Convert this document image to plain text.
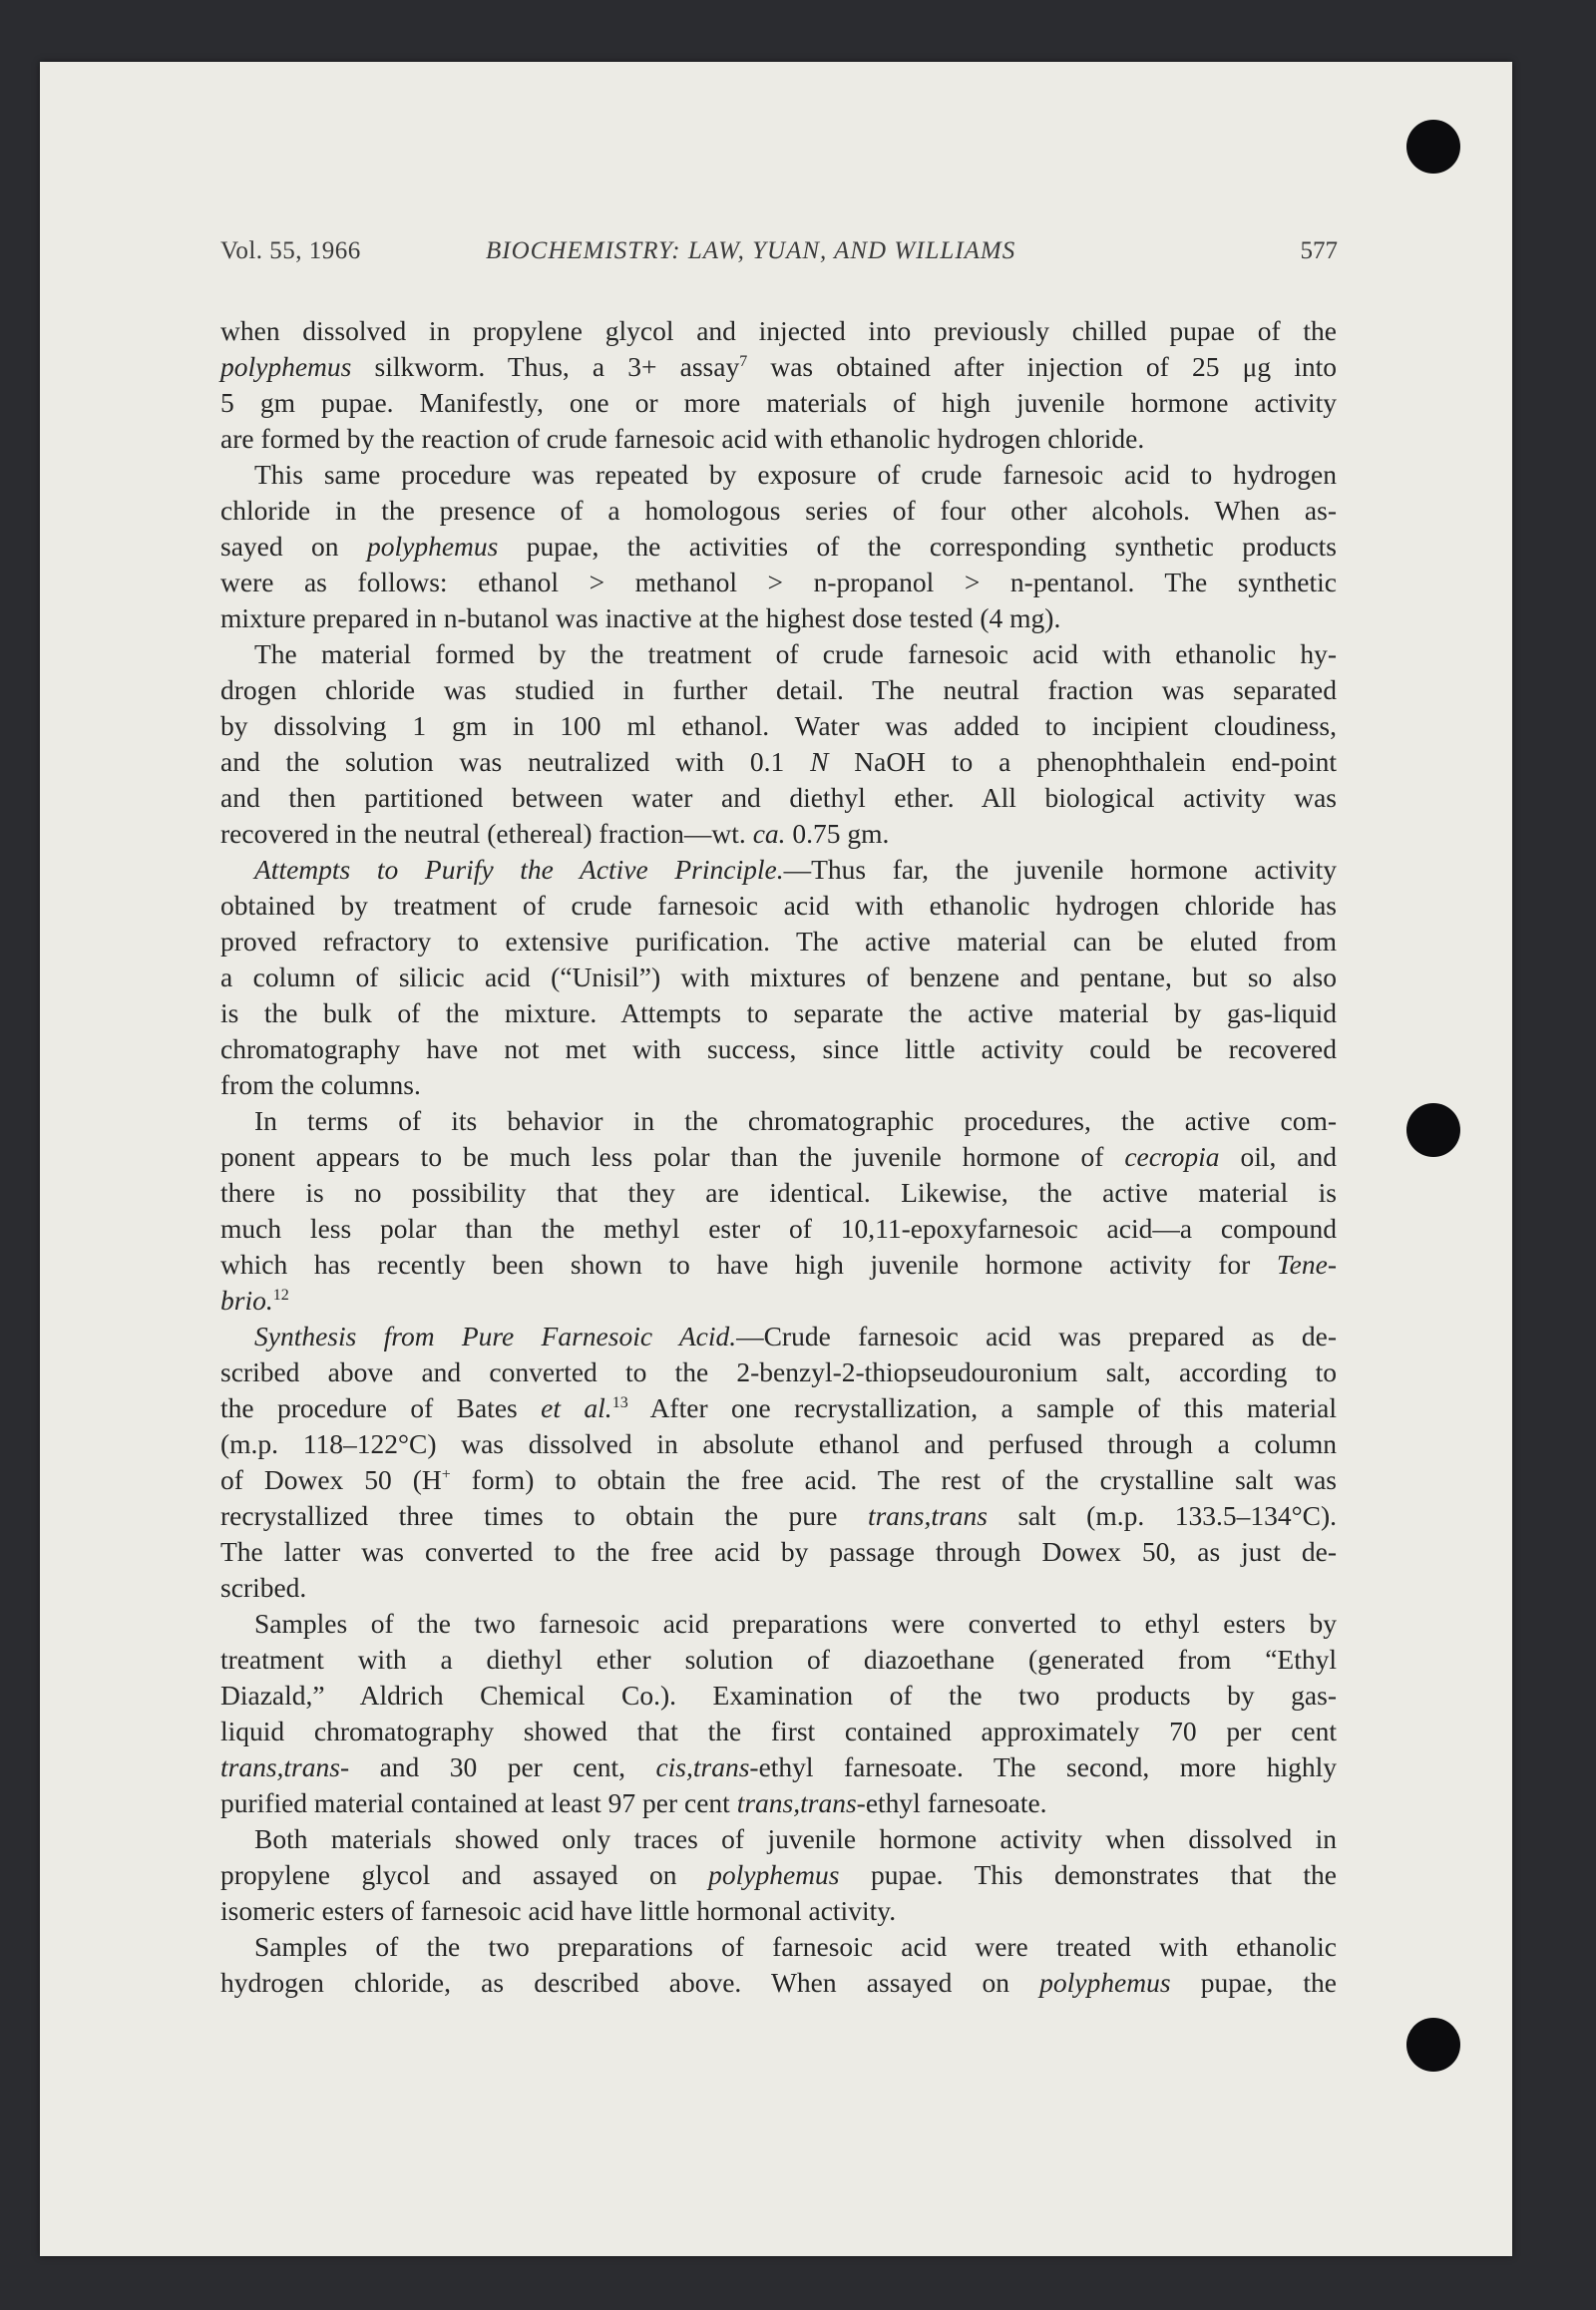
Vol. 55, 1966	BIOCHEMISTRY: LAW, YUAN, AND WILLIAMS	577
when dissolved in propylene glycol and injected into previously chilled pupae of the
polyphemus silkworm. Thus, a 3+ assay$^7$ was obtained after injection of 25 μg into
5 gm pupae. Manifestly, one or more materials of high juvenile hormone activity
are formed by the reaction of crude farnesoic acid with ethanolic hydrogen chloride.
This same procedure was repeated by exposure of crude farnesoic acid to hydrogen
chloride in the presence of a homologous series of four other alcohols. When as-
sayed on polyphemus pupae, the activities of the corresponding synthetic products
were as follows: ethanol > methanol > n-propanol > n-pentanol. The synthetic
mixture prepared in n-butanol was inactive at the highest dose tested (4 mg).
The material formed by the treatment of crude farnesoic acid with ethanolic hy-
drogen chloride was studied in further detail. The neutral fraction was separated
by dissolving 1 gm in 100 ml ethanol. Water was added to incipient cloudiness,
and the solution was neutralized with 0.1 N NaOH to a phenophthalein end-point
and then partitioned between water and diethyl ether. All biological activity was
recovered in the neutral (ethereal) fraction—wt. ca. 0.75 gm.
Attempts to Purify the Active Principle.—Thus far, the juvenile hormone activity
obtained by treatment of crude farnesoic acid with ethanolic hydrogen chloride has
proved refractory to extensive purification. The active material can be eluted from
a column of silicic acid (“Unisil”) with mixtures of benzene and pentane, but so also
is the bulk of the mixture. Attempts to separate the active material by gas-liquid
chromatography have not met with success, since little activity could be recovered
from the columns.
In terms of its behavior in the chromatographic procedures, the active com-
ponent appears to be much less polar than the juvenile hormone of cecropia oil, and
there is no possibility that they are identical. Likewise, the active material is
much less polar than the methyl ester of 10,11-epoxyfarnesoic acid—a compound
which has recently been shown to have high juvenile hormone activity for Tene-
brio.$^{12}$
Synthesis from Pure Farnesoic Acid.—Crude farnesoic acid was prepared as de-
scribed above and converted to the 2-benzyl-2-thiopseudouronium salt, according to
the procedure of Bates et al.$^{13}$ After one recrystallization, a sample of this material
(m.p. 118–122°C) was dissolved in absolute ethanol and perfused through a column
of Dowex 50 (H+ form) to obtain the free acid. The rest of the crystalline salt was
recrystallized three times to obtain the pure trans,trans salt (m.p. 133.5–134°C).
The latter was converted to the free acid by passage through Dowex 50, as just de-
scribed.
Samples of the two farnesoic acid preparations were converted to ethyl esters by
treatment with a diethyl ether solution of diazoethane (generated from “Ethyl
Diazald,” Aldrich Chemical Co.). Examination of the two products by gas-
liquid chromatography showed that the first contained approximately 70 per cent
trans,trans- and 30 per cent, cis,trans-ethyl farnesoate. The second, more highly
purified material contained at least 97 per cent trans,trans-ethyl farnesoate.
Both materials showed only traces of juvenile hormone activity when dissolved in
propylene glycol and assayed on polyphemus pupae. This demonstrates that the
isomeric esters of farnesoic acid have little hormonal activity.
Samples of the two preparations of farnesoic acid were treated with ethanolic
hydrogen chloride, as described above. When assayed on polyphemus pupae, the
